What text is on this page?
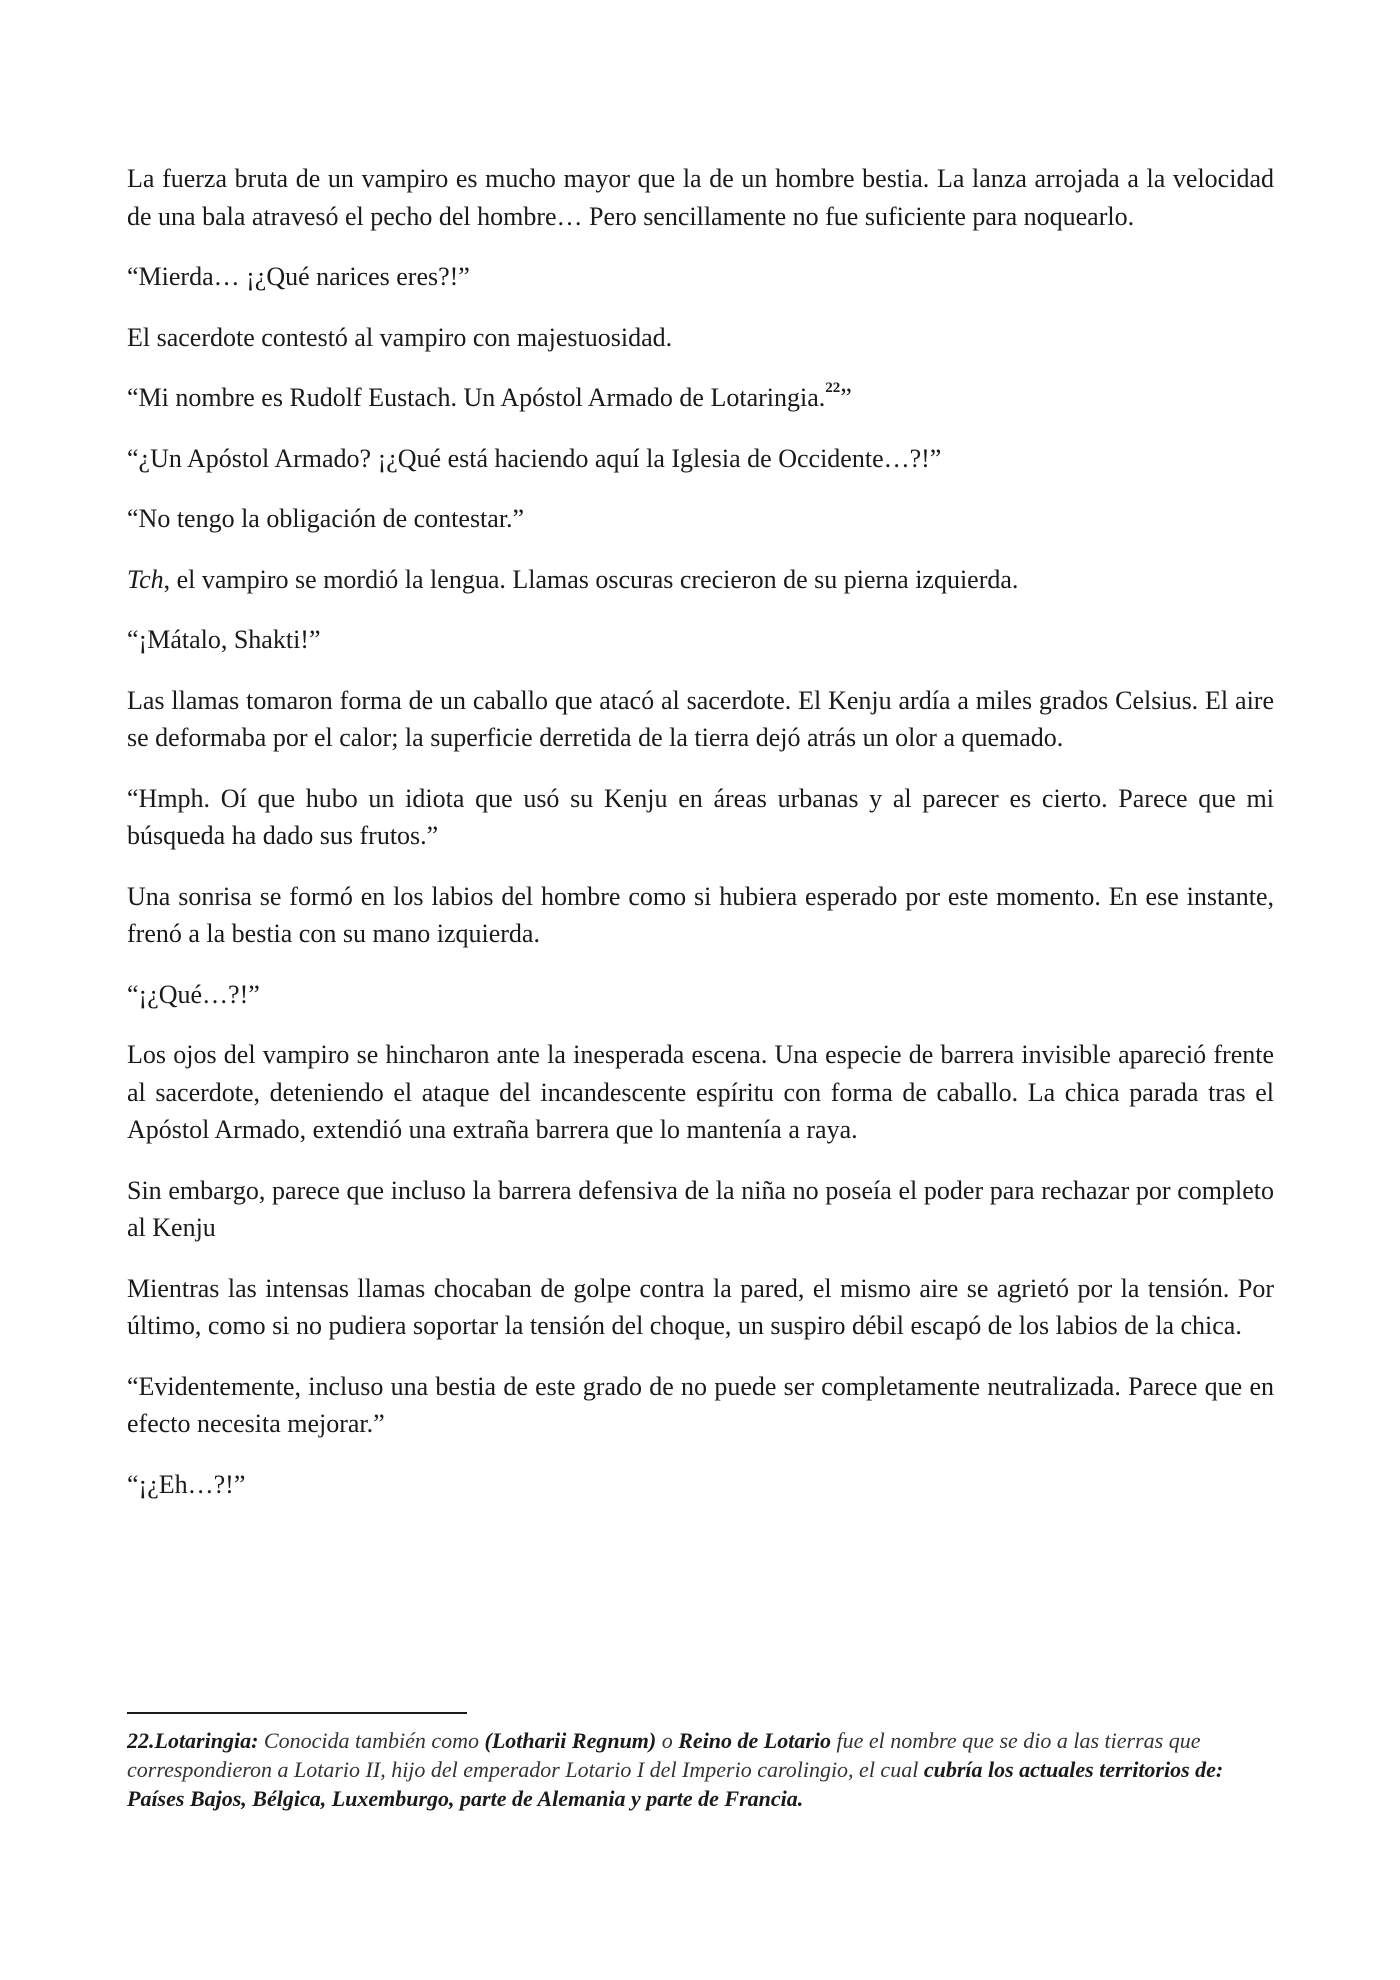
La fuerza bruta de un vampiro es mucho mayor que la de un hombre bestia. La lanza arrojada a la velocidad de una bala atravesó el pecho del hombre… Pero sencillamente no fue suficiente para noquearlo.

“Mierda… ¡¿Qué narices eres?!”

El sacerdote contestó al vampiro con majestuosidad.

“Mi nombre es Rudolf Eustach. Un Apóstol Armado de Lotaringia.$^{22}$”

“¿Un Apóstol Armado? ¡¿Qué está haciendo aquí la Iglesia de Occidente…?!”

“No tengo la obligación de contestar.”

Tch, el vampiro se mordió la lengua. Llamas oscuras crecieron de su pierna izquierda.

“¡Mátalo, Shakti!”

Las llamas tomaron forma de un caballo que atacó al sacerdote. El Kenju ardía a miles grados Celsius. El aire se deformaba por el calor; la superficie derretida de la tierra dejó atrás un olor a quemado.

“Hmph. Oí que hubo un idiota que usó su Kenju en áreas urbanas y al parecer es cierto. Parece que mi búsqueda ha dado sus frutos.”

Una sonrisa se formó en los labios del hombre como si hubiera esperado por este momento. En ese instante, frenó a la bestia con su mano izquierda.

“¡¿Qué…?!”

Los ojos del vampiro se hincharon ante la inesperada escena. Una especie de barrera invisible apareció frente al sacerdote, deteniendo el ataque del incandescente espíritu con forma de caballo. La chica parada tras el Apóstol Armado, extendió una extraña barrera que lo mantenía a raya.

Sin embargo, parece que incluso la barrera defensiva de la niña no poseía el poder para rechazar por completo al Kenju

Mientras las intensas llamas chocaban de golpe contra la pared, el mismo aire se agrietó por la tensión. Por último, como si no pudiera soportar la tensión del choque, un suspiro débil escapó de los labios de la chica.

“Evidentemente, incluso una bestia de este grado de no puede ser completamente neutralizada. Parece que en efecto necesita mejorar.”

“¡¿Eh…?!”

22.Lotaringia: Conocida también como (Lotharii Regnum) o Reino de Lotario fue el nombre que se dio a las tierras que correspondieron a Lotario II, hijo del emperador Lotario I del Imperio carolingio, el cual cubría los actuales territorios de: Países Bajos, Bélgica, Luxemburgo, parte de Alemania y parte de Francia.
